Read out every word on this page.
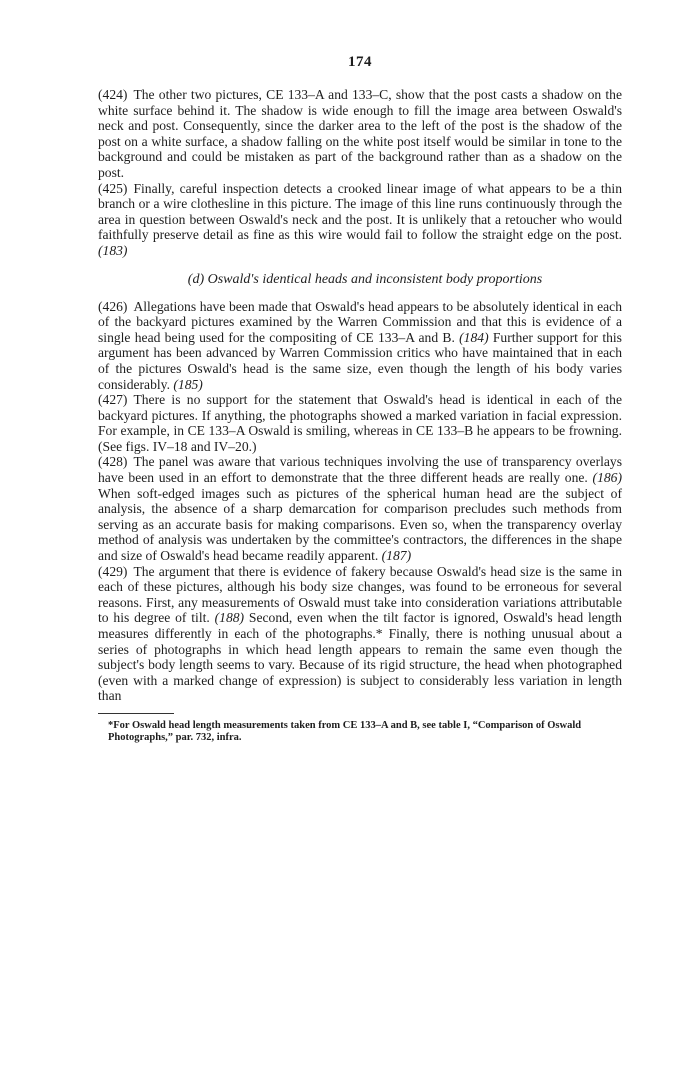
174

(424) The other two pictures, CE 133–A and 133–C, show that the post casts a shadow on the white surface behind it. The shadow is wide enough to fill the image area between Oswald's neck and post. Consequently, since the darker area to the left of the post is the shadow of the post on a white surface, a shadow falling on the white post itself would be similar in tone to the background and could be mistaken as part of the background rather than as a shadow on the post.

(425) Finally, careful inspection detects a crooked linear image of what appears to be a thin branch or a wire clothesline in this picture. The image of this line runs continuously through the area in question between Oswald's neck and the post. It is unlikely that a retoucher who would faithfully preserve detail as fine as this wire would fail to follow the straight edge on the post. (183)

(d) Oswald's identical heads and inconsistent body proportions

(426) Allegations have been made that Oswald's head appears to be absolutely identical in each of the backyard pictures examined by the Warren Commission and that this is evidence of a single head being used for the compositing of CE 133–A and B. (184) Further support for this argument has been advanced by Warren Commission critics who have maintained that in each of the pictures Oswald's head is the same size, even though the length of his body varies considerably. (185)

(427) There is no support for the statement that Oswald's head is identical in each of the backyard pictures. If anything, the photographs showed a marked variation in facial expression. For example, in CE 133–A Oswald is smiling, whereas in CE 133–B he appears to be frowning. (See figs. IV–18 and IV–20.)

(428) The panel was aware that various techniques involving the use of transparency overlays have been used in an effort to demonstrate that the three different heads are really one. (186) When soft-edged images such as pictures of the spherical human head are the subject of analysis, the absence of a sharp demarcation for comparison precludes such methods from serving as an accurate basis for making comparisons. Even so, when the transparency overlay method of analysis was undertaken by the committee's contractors, the differences in the shape and size of Oswald's head became readily apparent. (187)

(429) The argument that there is evidence of fakery because Oswald's head size is the same in each of these pictures, although his body size changes, was found to be erroneous for several reasons. First, any measurements of Oswald must take into consideration variations attributable to his degree of tilt. (188) Second, even when the tilt factor is ignored, Oswald's head length measures differently in each of the photographs.* Finally, there is nothing unusual about a series of photographs in which head length appears to remain the same even though the subject's body length seems to vary. Because of its rigid structure, the head when photographed (even with a marked change of expression) is subject to considerably less variation in length than

*For Oswald head length measurements taken from CE 133–A and B, see table I, “Comparison of Oswald Photographs,” par. 732, infra.
